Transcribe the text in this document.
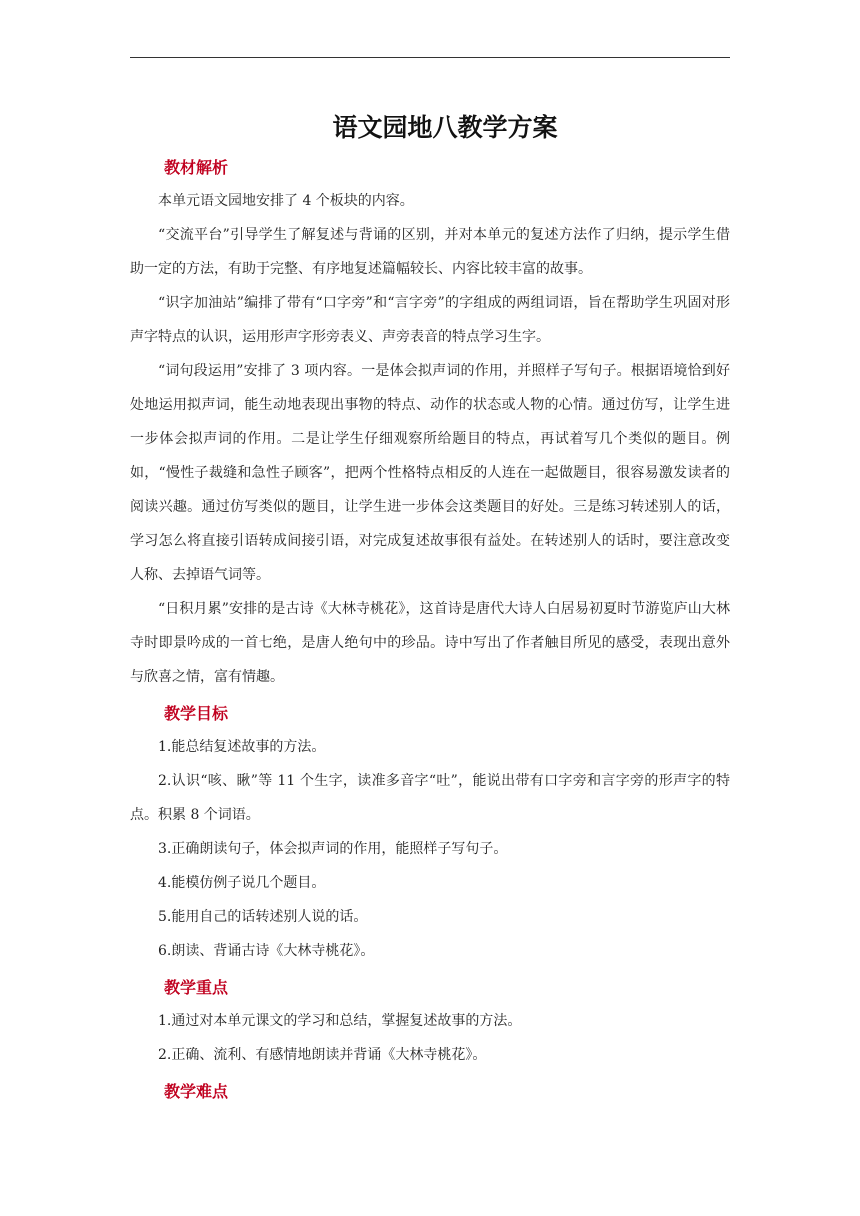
语文园地八教学方案
教材解析

本单元语文园地安排了 4 个板块的内容。

“交流平台”引导学生了解复述与背诵的区别，并对本单元的复述方法作了归纳，提示学生借助一定的方法，有助于完整、有序地复述篇幅较长、内容比较丰富的故事。

“识字加油站”编排了带有“口字旁”和“言字旁”的字组成的两组词语，旨在帮助学生巩固对形声字特点的认识，运用形声字形旁表义、声旁表音的特点学习生字。

“词句段运用”安排了 3 项内容。一是体会拟声词的作用，并照样子写句子。根据语境恰到好处地运用拟声词，能生动地表现出事物的特点、动作的状态或人物的心情。通过仿写，让学生进一步体会拟声词的作用。二是让学生仔细观察所给题目的特点，再试着写几个类似的题目。例如，“慢性子裁缝和急性子顾客”，把两个性格特点相反的人连在一起做题目，很容易激发读者的阅读兴趣。通过仿写类似的题目，让学生进一步体会这类题目的好处。三是练习转述别人的话，学习怎么将直接引语转成间接引语，对完成复述故事很有益处。在转述别人的话时，要注意改变人称、去掉语气词等。

“日积月累”安排的是古诗《大林寺桃花》，这首诗是唐代大诗人白居易初夏时节游览庐山大林寺时即景吟成的一首七绝，是唐人绝句中的珍品。诗中写出了作者触目所见的感受，表现出意外与欣喜之情，富有情趣。

教学目标
1.能总结复述故事的方法。
2.认识“咳、瞅”等 11 个生字，读准多音字“吐”，能说出带有口字旁和言字旁的形声字的特点。积累 8 个词语。
3.正确朗读句子，体会拟声词的作用，能照样子写句子。
4.能模仿例子说几个题目。
5.能用自己的话转述别人说的话。
6.朗读、背诵古诗《大林寺桃花》。
教学重点
1.通过对本单元课文的学习和总结，掌握复述故事的方法。
2.正确、流利、有感情地朗读并背诵《大林寺桃花》。
教学难点
